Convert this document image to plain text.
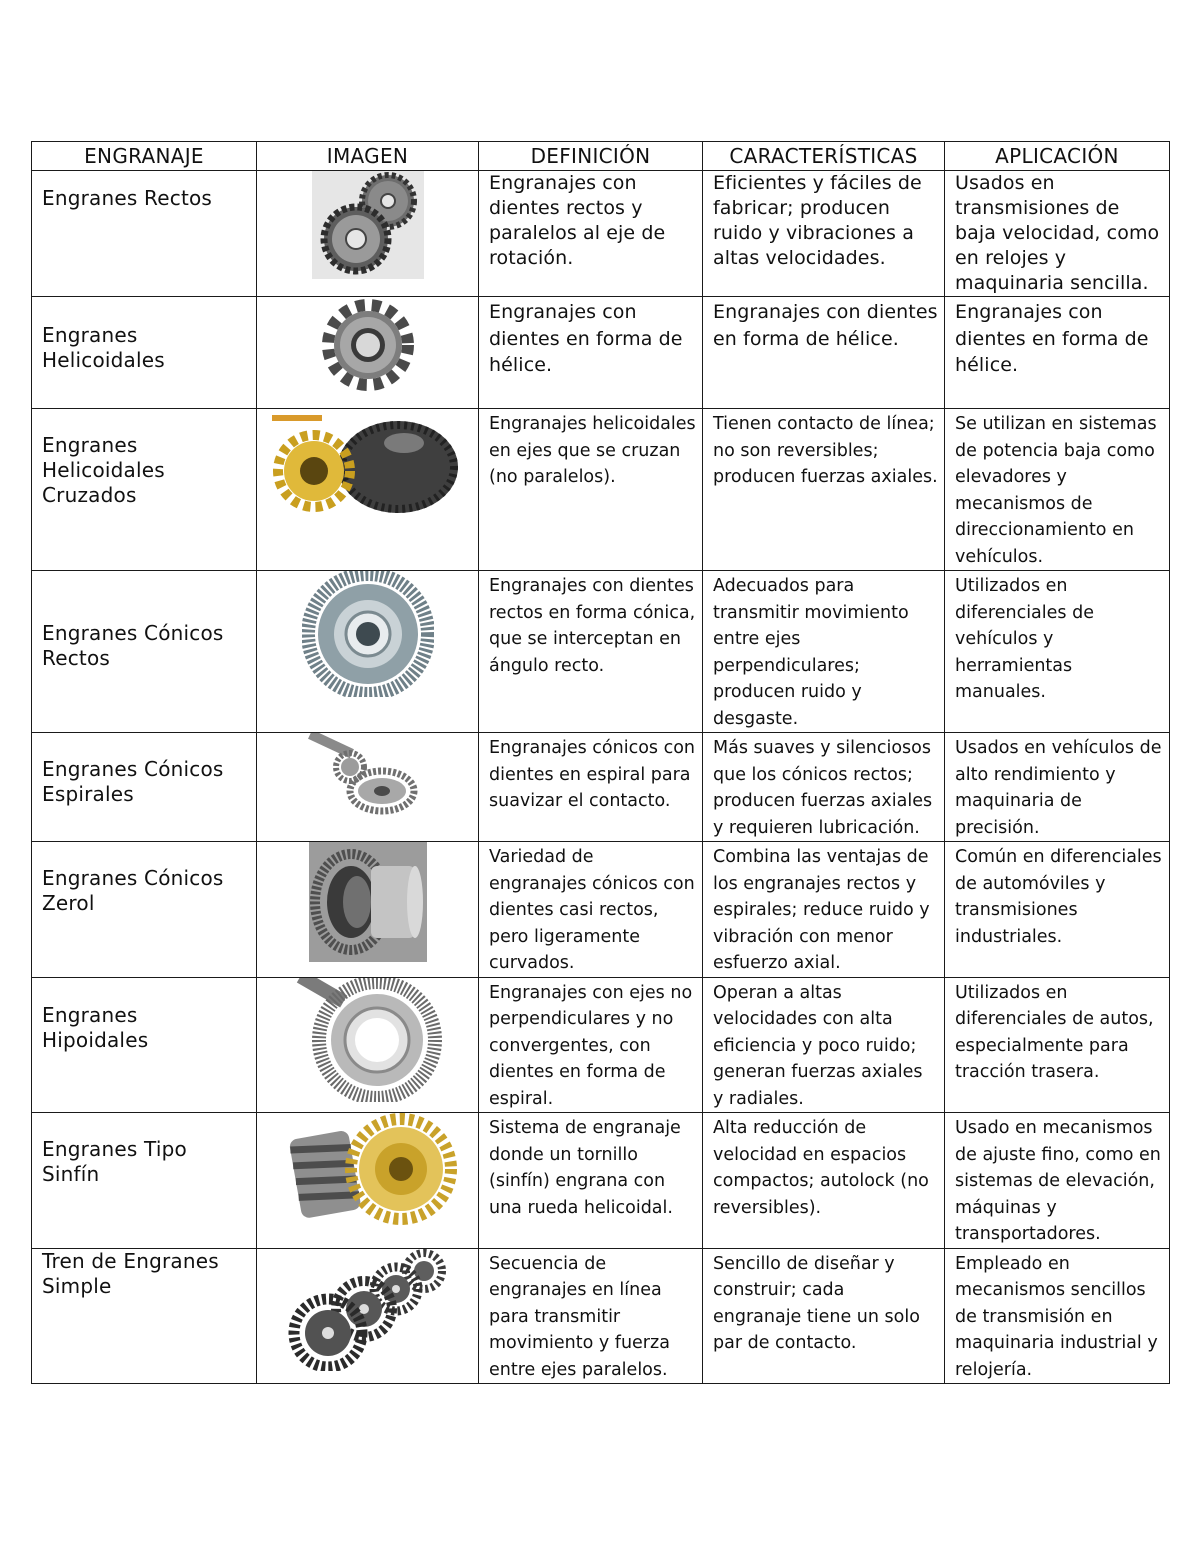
ENGRANAJE	IMAGEN	DEFINICIÓN	CARACTERÍSTICAS	APLICACIÓN

Engranes Rectos		Engranajes con dientes rectos y paralelos al eje de rotación.	Eficientes y fáciles de fabricar; producen ruido y vibraciones a altas velocidades.	Usados en transmisiones de baja velocidad, como en relojes y maquinaria sencilla.

Engranes Helicoidales		Engranajes con dientes en forma de hélice.	Engranajes con dientes en forma de hélice.	Engranajes con dientes en forma de hélice.

Engranes Helicoidales Cruzados		Engranajes helicoidales en ejes que se cruzan (no paralelos).	Tienen contacto de línea; no son reversibles; producen fuerzas axiales.	Se utilizan en sistemas de potencia baja como elevadores y mecanismos de direccionamiento en vehículos.

Engranes Cónicos Rectos		Engranajes con dientes rectos en forma cónica, que se interceptan en ángulo recto.	Adecuados para transmitir movimiento entre ejes perpendiculares; producen ruido y desgaste.	Utilizados en diferenciales de vehículos y herramientas manuales.

Engranes Cónicos Espirales		Engranajes cónicos con dientes en espiral para suavizar el contacto.	Más suaves y silenciosos que los cónicos rectos; producen fuerzas axiales y requieren lubricación.	Usados en vehículos de alto rendimiento y maquinaria de precisión.

Engranes Cónicos Zerol		Variedad de engranajes cónicos con dientes casi rectos, pero ligeramente curvados.	Combina las ventajas de los engranajes rectos y espirales; reduce ruido y vibración con menor esfuerzo axial.	Común en diferenciales de automóviles y transmisiones industriales.

Engranes Hipoidales		Engranajes con ejes no perpendiculares y no convergentes, con dientes en forma de espiral.	Operan a altas velocidades con alta eficiencia y poco ruido; generan fuerzas axiales y radiales.	Utilizados en diferenciales de autos, especialmente para tracción trasera.

Engranes Tipo Sinfín		Sistema de engranaje donde un tornillo (sinfín) engrana con una rueda helicoidal.	Alta reducción de velocidad en espacios compactos; autolock (no reversibles).	Usado en mecanismos de ajuste fino, como en sistemas de elevación, máquinas y transportadores.

Tren de Engranes Simple		Secuencia de engranajes en línea para transmitir movimiento y fuerza entre ejes paralelos.	Sencillo de diseñar y construir; cada engranaje tiene un solo par de contacto.	Empleado en mecanismos sencillos de transmisión en maquinaria industrial y relojería.
